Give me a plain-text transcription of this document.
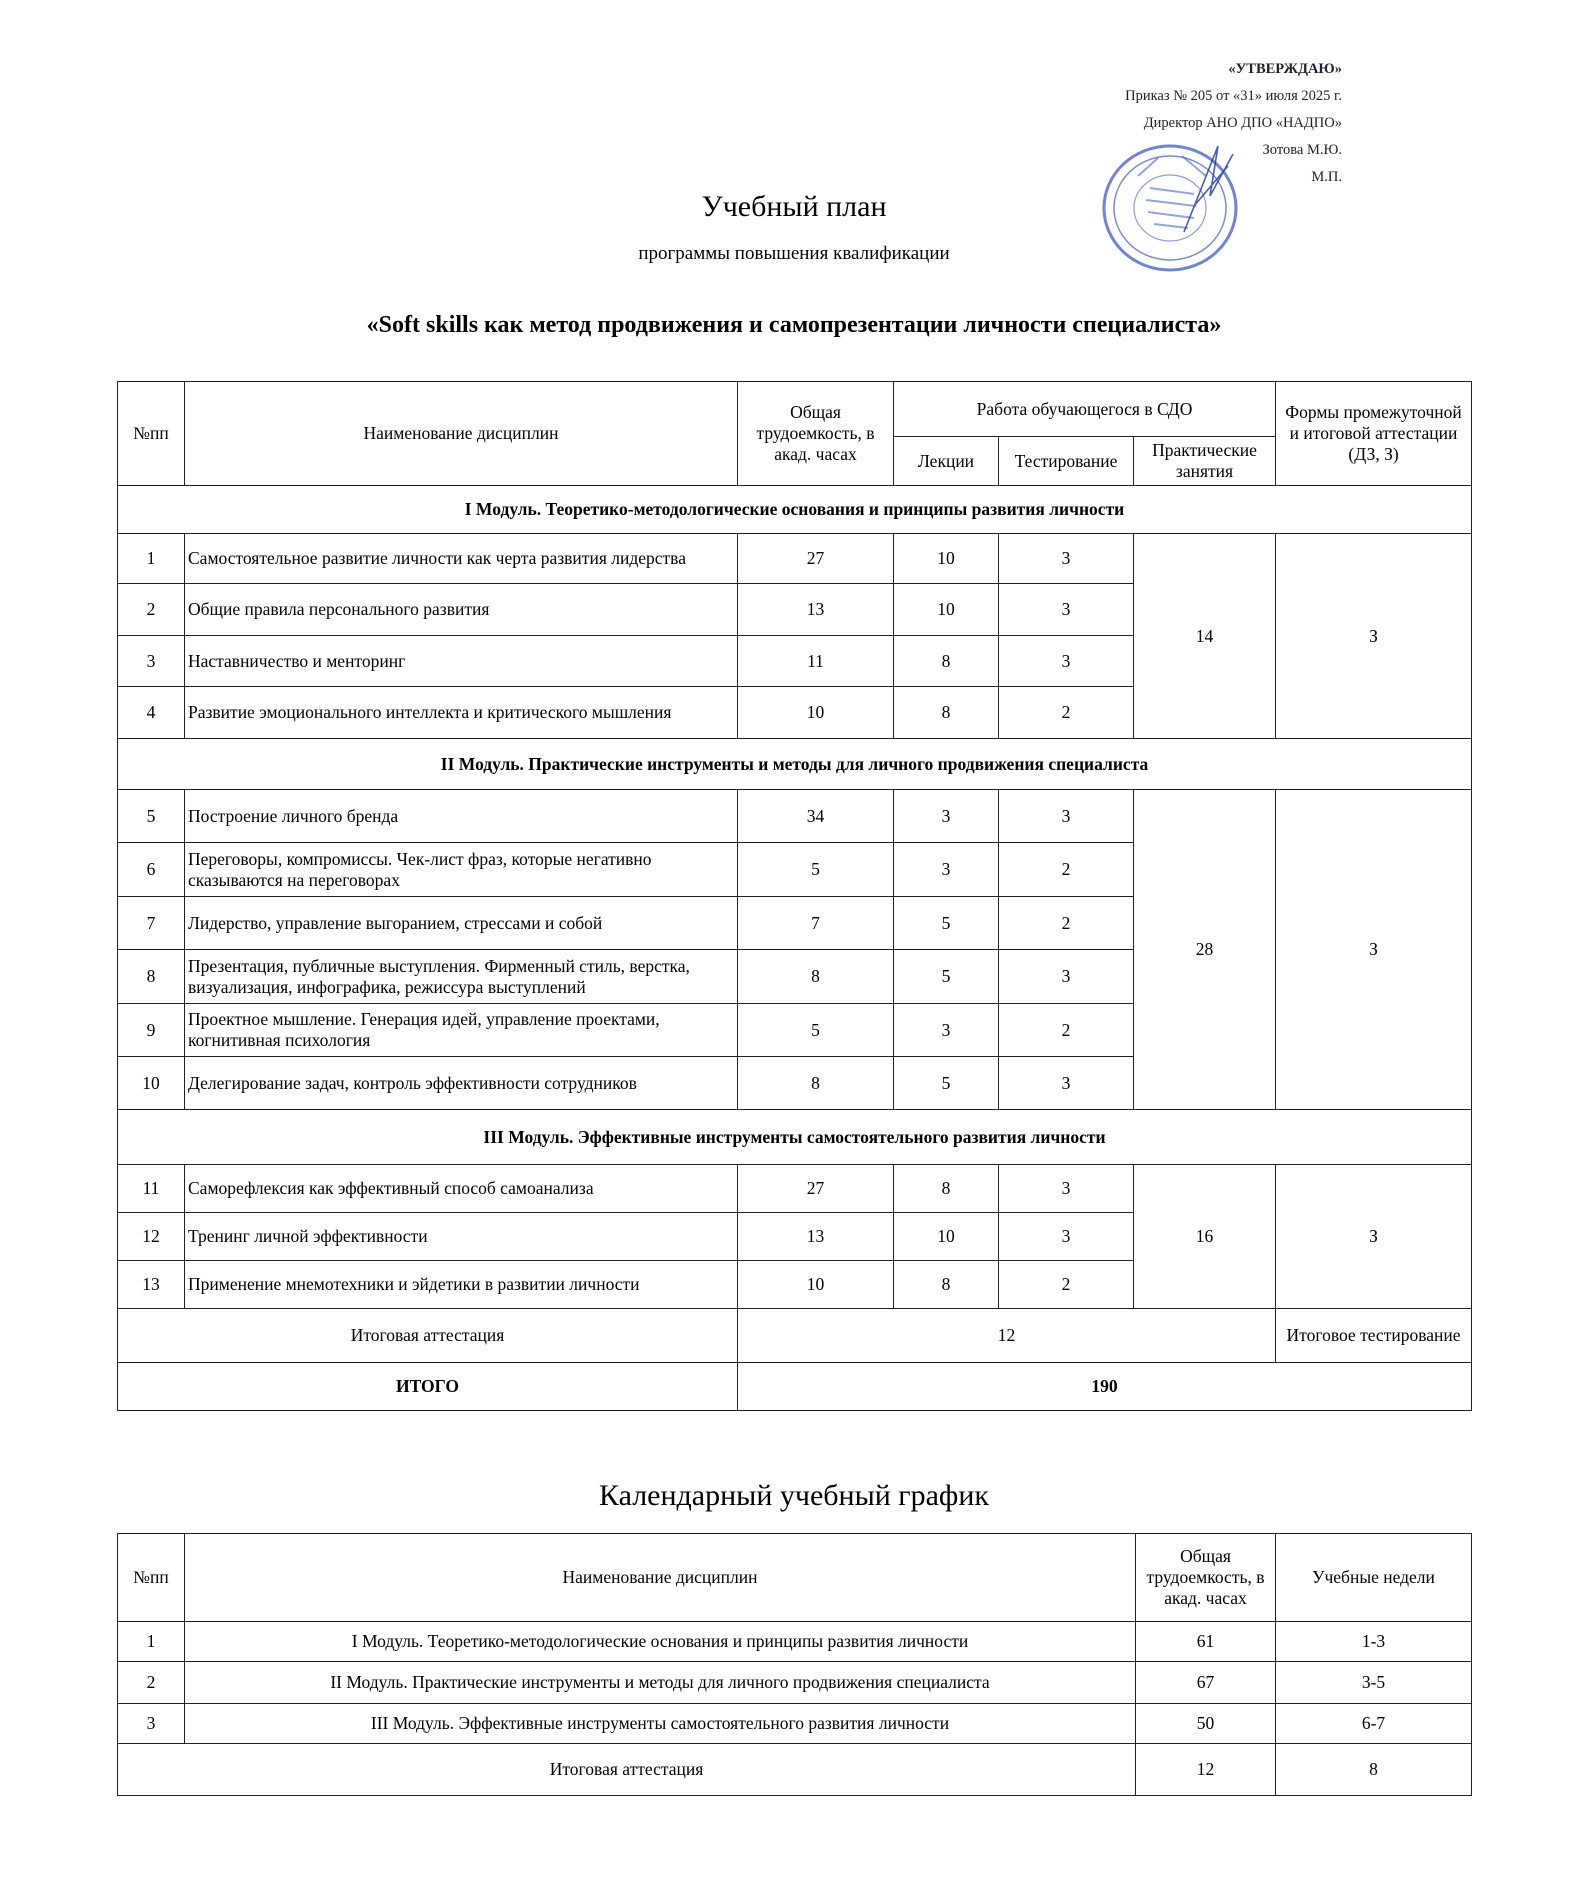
«УТВЕРЖДАЮ»
Приказ № 205 от «31» июля 2025 г.
Директор АНО ДПО «НАДПО»
Зотова М.Ю.
М.П.
Учебный план
программы повышения квалификации
«Soft skills как метод продвижения и самопрезентации личности специалиста»
№пп	Наименование дисциплин	Общая трудоемкость, в акад. часах	Работа обучающегося в СДО			Формы промежуточной и итоговой аттестации (ДЗ, З)
			Лекции	Тестирование	Практические занятия	
I Модуль. Теоретико-методологические основания и принципы развития личности						
1	Самостоятельное развитие личности как черта развития лидерства	27	10	3	14	З
2	Общие правила персонального развития	13	10	3		
3	Наставничество и менторинг	11	8	3		
4	Развитие эмоционального интеллекта и критического мышления	10	8	2		
II Модуль. Практические инструменты и методы для личного продвижения специалиста						
5	Построение личного бренда	34	3	3	28	З
6	Переговоры, компромиссы. Чек-лист фраз, которые негативно сказываются на переговорах	5	3	2		
7	Лидерство, управление выгоранием, стрессами и собой	7	5	2		
8	Презентация, публичные выступления. Фирменный стиль, верстка, визуализация, инфографика, режиссура выступлений	8	5	3		
9	Проектное мышление. Генерация идей, управление проектами, когнитивная психология	5	3	2		
10	Делегирование задач, контроль эффективности сотрудников	8	5	3		
III Модуль. Эффективные инструменты самостоятельного развития личности						
11	Саморефлексия как эффективный способ самоанализа	27	8	3	16	З
12	Тренинг личной эффективности	13	10	3		
13	Применение мнемотехники и эйдетики в развитии личности	10	8	2		
Итоговая аттестация		12				Итоговое тестирование
ИТОГО		190				
Календарный учебный график
№пп	Наименование дисциплин	Общая трудоемкость, в акад. часах	Учебные недели
1	I Модуль. Теоретико-методологические основания и принципы развития личности	61	1-3
2	II Модуль. Практические инструменты и методы для личного продвижения специалиста	67	3-5
3	III Модуль. Эффективные инструменты самостоятельного развития личности	50	6-7
Итоговая аттестация		12	8
